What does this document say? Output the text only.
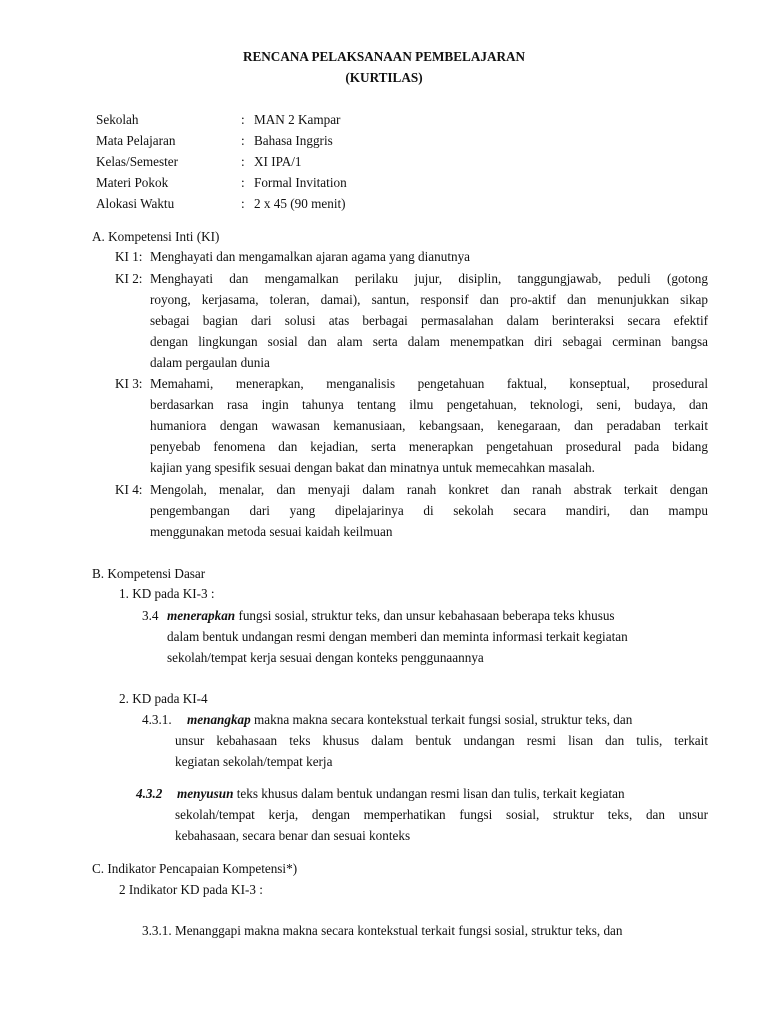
RENCANA PELAKSANAAN PEMBELAJARAN
(KURTILAS)
Sekolah	: MAN 2 Kampar
Mata Pelajaran	: Bahasa Inggris
Kelas/Semester	: XI IPA/1
Materi Pokok	: Formal Invitation
Alokasi Waktu	: 2 x 45 (90 menit)
A. Kompetensi Inti (KI)
KI 1: Menghayati dan mengamalkan ajaran agama yang dianutnya
KI 2: Menghayati dan mengamalkan perilaku jujur, disiplin, tanggungjawab, peduli (gotong
royong, kerjasama, toleran, damai), santun, responsif dan pro-aktif dan menunjukkan sikap
sebagai bagian dari solusi atas berbagai permasalahan dalam berinteraksi secara efektif
dengan lingkungan sosial dan alam serta dalam menempatkan diri sebagai cerminan bangsa
dalam pergaulan dunia
KI 3: Memahami, menerapkan, menganalisis pengetahuan faktual, konseptual, prosedural
berdasarkan rasa ingin tahunya tentang ilmu pengetahuan, teknologi, seni, budaya, dan
humaniora dengan wawasan kemanusiaan, kebangsaan, kenegaraan, dan peradaban terkait
penyebab fenomena dan kejadian, serta menerapkan pengetahuan prosedural pada bidang
kajian yang spesifik sesuai dengan bakat dan minatnya untuk memecahkan masalah.
KI 4: Mengolah, menalar, dan menyaji dalam ranah konkret dan ranah abstrak terkait dengan
pengembangan dari yang dipelajarinya di sekolah secara mandiri, dan mampu
menggunakan metoda sesuai kaidah keilmuan
B. Kompetensi Dasar
1. KD pada KI-3 :
3.4 menerapkan fungsi sosial, struktur teks, dan unsur kebahasaan beberapa teks khusus
dalam bentuk undangan resmi dengan memberi dan meminta informasi terkait kegiatan
sekolah/tempat kerja sesuai dengan konteks penggunaannya
2. KD pada KI-4
4.3.1. menangkap makna makna secara kontekstual terkait fungsi sosial, struktur teks, dan
unsur kebahasaan teks khusus dalam bentuk undangan resmi lisan dan tulis, terkait
kegiatan sekolah/tempat kerja
4.3.2 menyusun teks khusus dalam bentuk undangan resmi lisan dan tulis, terkait kegiatan
sekolah/tempat kerja, dengan memperhatikan fungsi sosial, struktur teks, dan unsur
kebahasaan, secara benar dan sesuai konteks
C. Indikator Pencapaian Kompetensi*)
2 Indikator KD pada KI-3 :
3.3.1. Menanggapi makna makna secara kontekstual terkait fungsi sosial, struktur teks, dan
